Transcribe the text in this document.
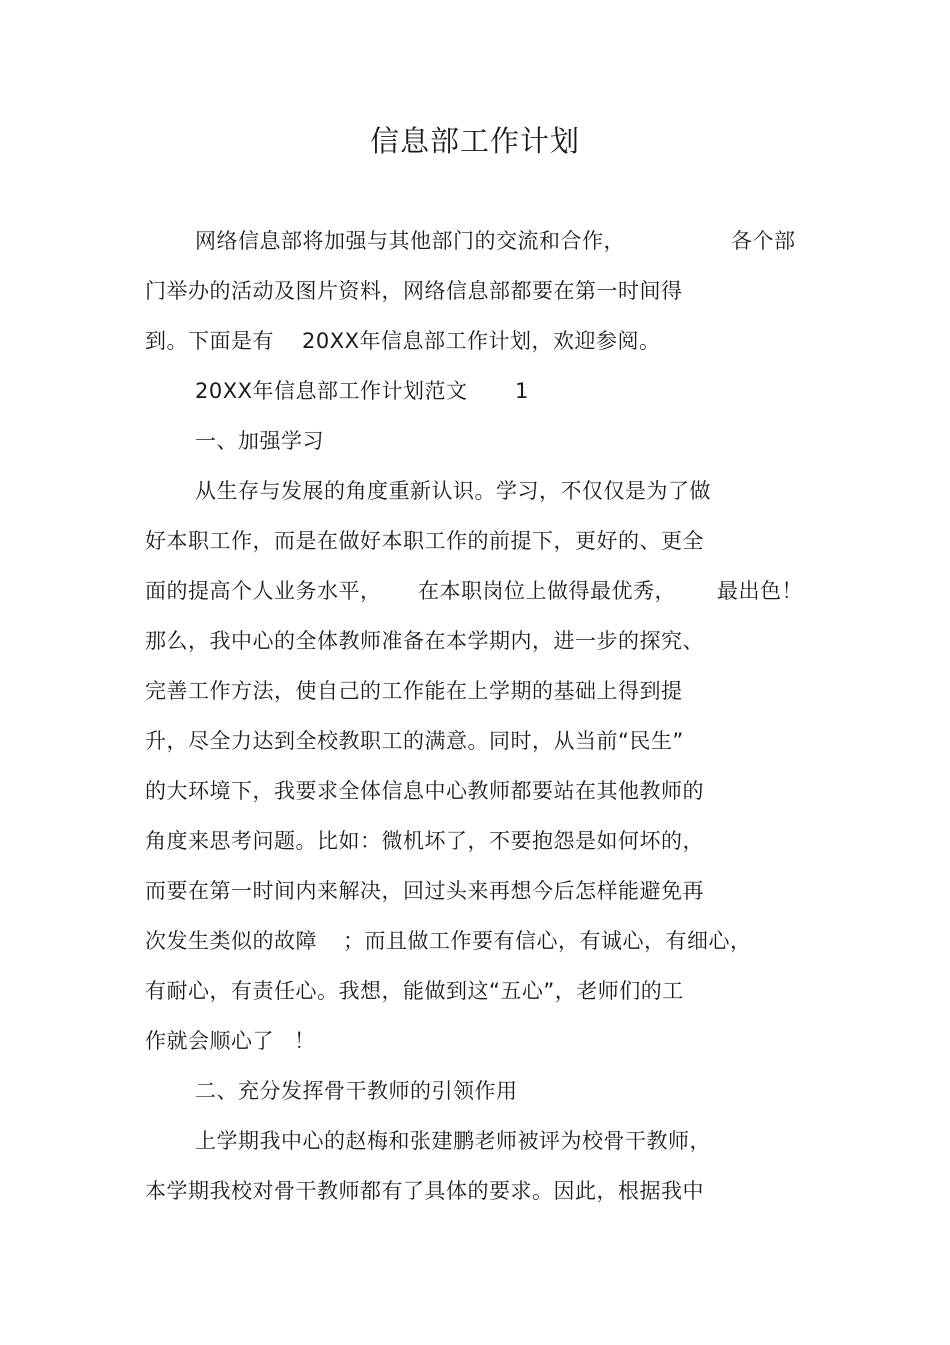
信息部工作计划
网络信息部将加强与其他部门的交流和合作，	各个部
门举办的活动及图片资料，网络信息部都要在第一时间得
到。下面是有 20XX年信息部工作计划，欢迎参阅。
20XX年信息部工作计划范文 1
一、加强学习
从生存与发展的角度重新认识。学习，不仅仅是为了做
好本职工作，而是在做好本职工作的前提下，更好的、更全
面的提高个人业务水平， 在本职岗位上做得最优秀， 最出色！
那么，我中心的全体教师准备在本学期内，进一步的探究、
完善工作方法，使自己的工作能在上学期的基础上得到提
升，尽全力达到全校教职工的满意。同时，从当前“民生”
的大环境下，我要求全体信息中心教师都要站在其他教师的
角度来思考问题。比如：微机坏了，不要抱怨是如何坏的，
而要在第一时间内来解决，回过头来再想今后怎样能避免再
次发生类似的故障 ；而且做工作要有信心，有诚心，有细心，
有耐心，有责任心。我想，能做到这“五心”，老师们的工
作就会顺心了 ！
二、充分发挥骨干教师的引领作用
上学期我中心的赵梅和张建鹏老师被评为校骨干教师，
本学期我校对骨干教师都有了具体的要求。因此，根据我中
